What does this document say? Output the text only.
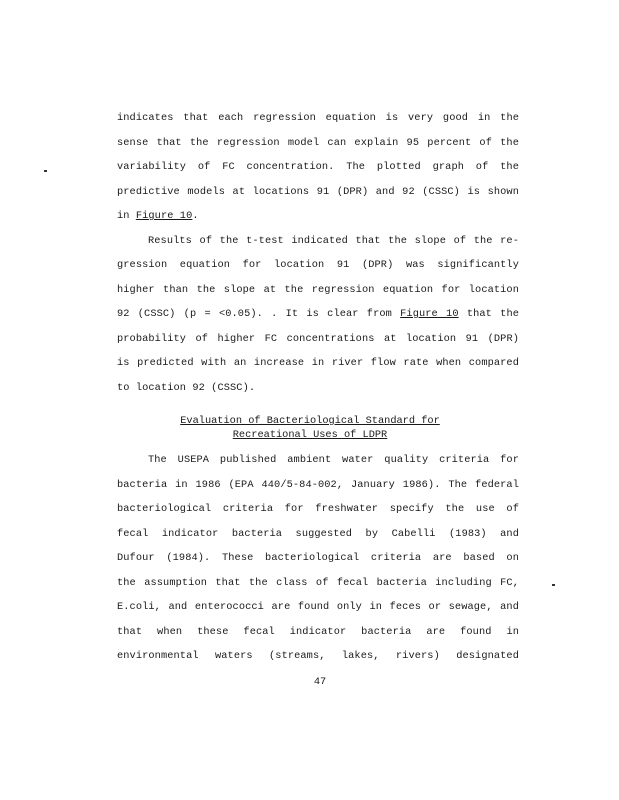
indicates that each regression equation is very good in the
sense that the regression model can explain 95 percent of the
variability of FC concentration. The plotted graph of the
predictive models at locations 91 (DPR) and 92 (CSSC) is shown
in Figure 10.
Results of the t-test indicated that the slope of the re-
gression equation for location 91 (DPR) was significantly
higher than the slope at the regression equation for location
92 (CSSC) (p = <0.05). . It is clear from Figure 10 that the
probability of higher FC concentrations at location 91 (DPR)
is predicted with an increase in river flow rate when compared
to location 92 (CSSC).
Evaluation of Bacteriological Standard for
Recreational Uses of LDPR
The USEPA published ambient water quality criteria for
bacteria in 1986 (EPA 440/5-84-002, January 1986). The federal
bacteriological criteria for freshwater specify the use of
fecal indicator bacteria suggested by Cabelli (1983) and
Dufour (1984). These bacteriological criteria are based on
the assumption that the class of fecal bacteria including FC,
E.coli, and enterococci are found only in feces or sewage, and
that when these fecal indicator bacteria are found in
environmental waters (streams, lakes, rivers) designated
47
